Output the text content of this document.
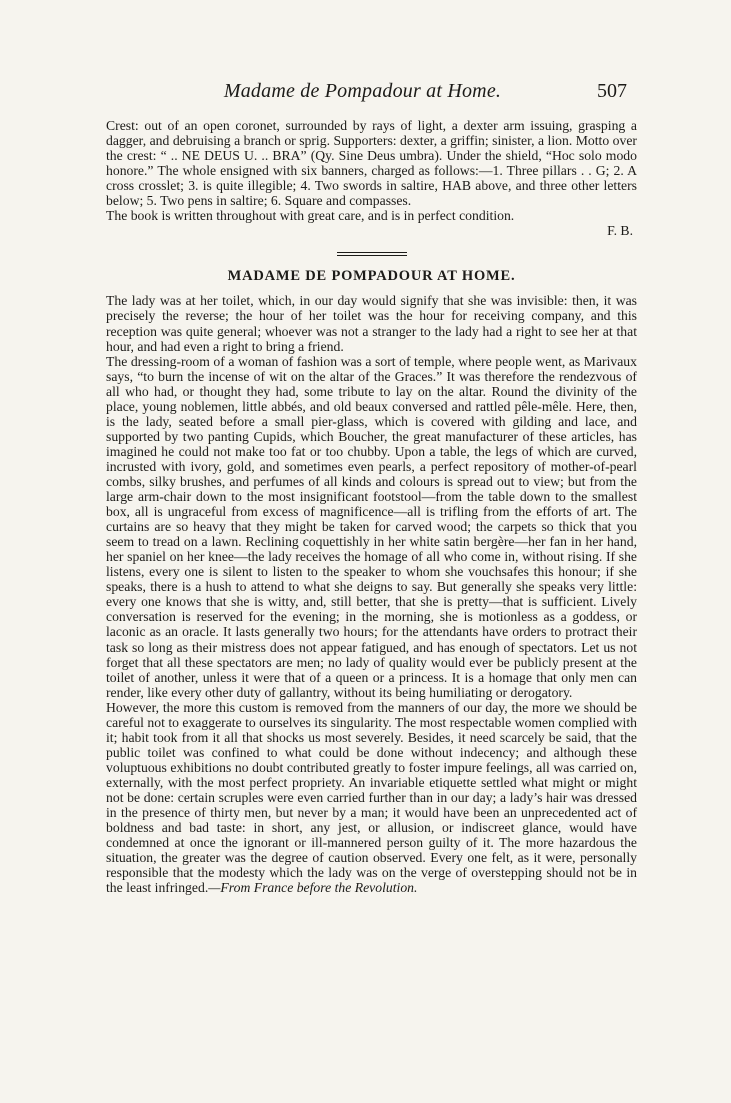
Madame de Pompadour at Home.	507

Crest: out of an open coronet, surrounded by rays of light, a dexter arm issuing, grasping a dagger, and debruising a branch or sprig. Supporters: dexter, a griffin; sinister, a lion. Motto over the crest: “ .. NE DEUS U. .. BRA” (Qy. Sine Deus umbra). Under the shield, “Hoc solo modo honore.” The whole ensigned with six banners, charged as follows:—1. Three pillars . . G; 2. A cross crosslet; 3. is quite illegible; 4. Two swords in saltire, HAB above, and three other letters below; 5. Two pens in saltire; 6. Square and compasses.

The book is written throughout with great care, and is in perfect condition.

F. B.

MADAME DE POMPADOUR AT HOME.

The lady was at her toilet, which, in our day would signify that she was invisible: then, it was precisely the reverse; the hour of her toilet was the hour for receiving company, and this reception was quite general; whoever was not a stranger to the lady had a right to see her at that hour, and had even a right to bring a friend.

The dressing-room of a woman of fashion was a sort of temple, where people went, as Marivaux says, “to burn the incense of wit on the altar of the Graces.” It was therefore the rendezvous of all who had, or thought they had, some tribute to lay on the altar. Round the divinity of the place, young noblemen, little abbés, and old beaux conversed and rattled pêle-mêle. Here, then, is the lady, seated before a small pier-glass, which is covered with gilding and lace, and supported by two panting Cupids, which Boucher, the great manufacturer of these articles, has imagined he could not make too fat or too chubby. Upon a table, the legs of which are curved, incrusted with ivory, gold, and sometimes even pearls, a perfect repository of mother-of-pearl combs, silky brushes, and perfumes of all kinds and colours is spread out to view; but from the large arm-chair down to the most insignificant footstool—from the table down to the smallest box, all is ungraceful from excess of magnificence—all is trifling from the efforts of art. The curtains are so heavy that they might be taken for carved wood; the carpets so thick that you seem to tread on a lawn. Reclining coquettishly in her white satin bergère—her fan in her hand, her spaniel on her knee—the lady receives the homage of all who come in, without rising. If she listens, every one is silent to listen to the speaker to whom she vouchsafes this honour; if she speaks, there is a hush to attend to what she deigns to say. But generally she speaks very little: every one knows that she is witty, and, still better, that she is pretty—that is sufficient. Lively conversation is reserved for the evening; in the morning, she is motionless as a goddess, or laconic as an oracle. It lasts generally two hours; for the attendants have orders to protract their task so long as their mistress does not appear fatigued, and has enough of spectators. Let us not forget that all these spectators are men; no lady of quality would ever be publicly present at the toilet of another, unless it were that of a queen or a princess. It is a homage that only men can render, like every other duty of gallantry, without its being humiliating or derogatory.

However, the more this custom is removed from the manners of our day, the more we should be careful not to exaggerate to ourselves its singularity. The most respectable women complied with it; habit took from it all that shocks us most severely. Besides, it need scarcely be said, that the public toilet was confined to what could be done without indecency; and although these voluptuous exhibitions no doubt contributed greatly to foster impure feelings, all was carried on, externally, with the most perfect propriety. An invariable etiquette settled what might or might not be done: certain scruples were even carried further than in our day; a lady’s hair was dressed in the presence of thirty men, but never by a man; it would have been an unprecedented act of boldness and bad taste: in short, any jest, or allusion, or indiscreet glance, would have condemned at once the ignorant or ill-mannered person guilty of it. The more hazardous the situation, the greater was the degree of caution observed. Every one felt, as it were, personally responsible that the modesty which the lady was on the verge of overstepping should not be in the least infringed.—From France before the Revolution.
